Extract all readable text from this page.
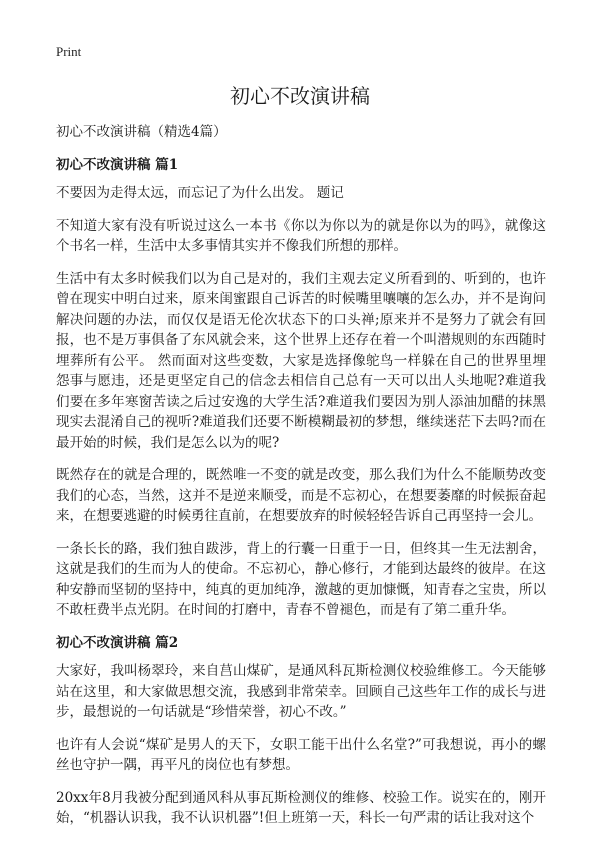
Print
初心不改演讲稿

初心不改演讲稿（精选4篇）

初心不改演讲稿 篇1

不要因为走得太远，而忘记了为什么出发。 题记

不知道大家有没有听说过这么一本书《你以为你以为的就是你以为的吗》，就像这个书名一样，生活中太多事情其实并不像我们所想的那样。

生活中有太多时候我们以为自己是对的，我们主观去定义所看到的、听到的，也许曾在现实中明白过来，原来闺蜜跟自己诉苦的时候嘴里嚷嚷的怎么办，并不是询问解决问题的办法，而仅仅是语无伦次状态下的口头禅;原来并不是努力了就会有回报，也不是万事俱备了东风就会来，这个世界上还存在着一个叫潜规则的东西随时埋葬所有公平。 然而面对这些变数，大家是选择像鸵鸟一样躲在自己的世界里埋怨事与愿违，还是更坚定自己的信念去相信自己总有一天可以出人头地呢?难道我们要在多年寒窗苦读之后过安逸的大学生活?难道我们要因为别人添油加醋的抹黑现实去混淆自己的视听?难道我们还要不断模糊最初的梦想，继续迷茫下去吗?而在最开始的时候，我们是怎么以为的呢?

既然存在的就是合理的，既然唯一不变的就是改变，那么我们为什么不能顺势改变我们的心态，当然，这并不是逆来顺受，而是不忘初心，在想要萎靡的时候振奋起来，在想要逃避的时候勇往直前，在想要放弃的时候轻轻告诉自己再坚持一会儿。

一条长长的路，我们独自跋涉，背上的行囊一日重于一日，但终其一生无法割舍，这就是我们的生而为人的使命。不忘初心，静心修行，才能到达最终的彼岸。在这种安静而坚韧的坚持中，纯真的更加纯净，激越的更加慷慨，知青春之宝贵，所以不敢枉费半点光阴。在时间的打磨中，青春不曾褪色，而是有了第二重升华。

初心不改演讲稿 篇2

大家好，我叫杨翠玲，来自莒山煤矿，是通风科瓦斯检测仪校验维修工。今天能够站在这里，和大家做思想交流，我感到非常荣幸。回顾自己这些年工作的成长与进步，最想说的一句话就是“珍惜荣誉，初心不改。”

也许有人会说“煤矿是男人的天下，女职工能干出什么名堂?”可我想说，再小的螺丝也守护一隅，再平凡的岗位也有梦想。

20xx年8月我被分配到通风科从事瓦斯检测仪的维修、校验工作。说实在的，刚开始，“机器认识我，我不认识机器”!但上班第一天，科长一句严肃的话让我对这个
